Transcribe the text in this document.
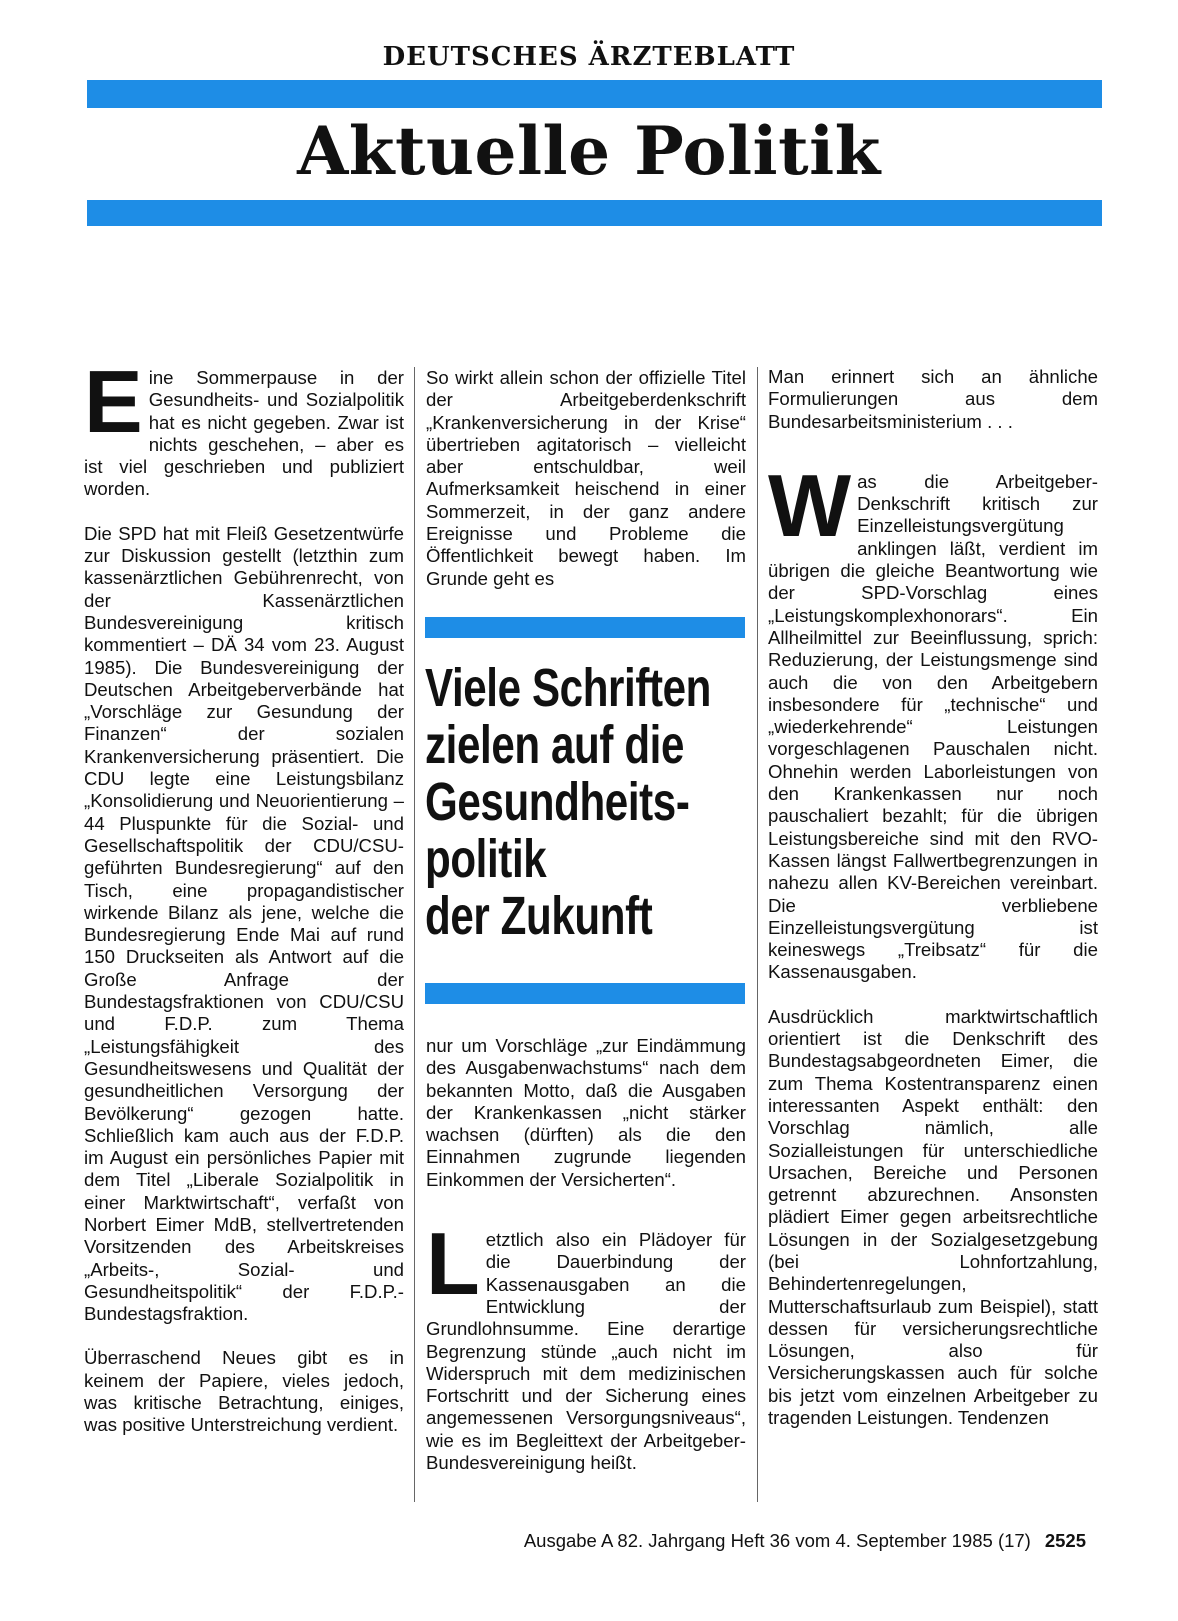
DEUTSCHES ÄRZTEBLATT
Aktuelle Politik

Eine Sommerpause in der Gesundheits- und Sozialpolitik hat es nicht gegeben. Zwar ist nichts geschehen, – aber es ist viel geschrieben und publiziert worden.

Die SPD hat mit Fleiß Gesetzentwürfe zur Diskussion gestellt (letzthin zum kassenärztlichen Gebührenrecht, von der Kassenärztlichen Bundesvereinigung kritisch kommentiert – DÄ 34 vom 23. August 1985). Die Bundesvereinigung der Deutschen Arbeitgeberverbände hat „Vorschläge zur Gesundung der Finanzen“ der sozialen Krankenversicherung präsentiert. Die CDU legte eine Leistungsbilanz „Konsolidierung und Neuorientierung – 44 Pluspunkte für die Sozial- und Gesellschaftspolitik der CDU/CSU-geführten Bundesregierung“ auf den Tisch, eine propagandistischer wirkende Bilanz als jene, welche die Bundesregierung Ende Mai auf rund 150 Druckseiten als Antwort auf die Große Anfrage der Bundestagsfraktionen von CDU/CSU und F.D.P. zum Thema „Leistungsfähigkeit des Gesundheitswesens und Qualität der gesundheitlichen Versorgung der Bevölkerung“ gezogen hatte. Schließlich kam auch aus der F.D.P. im August ein persönliches Papier mit dem Titel „Liberale Sozialpolitik in einer Marktwirtschaft“, verfaßt von Norbert Eimer MdB, stellvertretenden Vorsitzenden des Arbeitskreises „Arbeits-, Sozial- und Gesundheitspolitik“ der F.D.P.-Bundestagsfraktion.

Überraschend Neues gibt es in keinem der Papiere, vieles jedoch, was kritische Betrachtung, einiges, was positive Unterstreichung verdient.

So wirkt allein schon der offizielle Titel der Arbeitgeberdenkschrift „Krankenversicherung in der Krise“ übertrieben agitatorisch – vielleicht aber entschuldbar, weil Aufmerksamkeit heischend in einer Sommerzeit, in der ganz andere Ereignisse und Probleme die Öffentlichkeit bewegt haben. Im Grunde geht es

Viele Schriften
zielen auf die
Gesundheits-
politik
der Zukunft

nur um Vorschläge „zur Eindämmung des Ausgabenwachstums“ nach dem bekannten Motto, daß die Ausgaben der Krankenkassen „nicht stärker wachsen (dürften) als die den Einnahmen zugrunde liegenden Einkommen der Versicherten“.

Letztlich also ein Plädoyer für die Dauerbindung der Kassenausgaben an die Entwicklung der Grundlohnsumme. Eine derartige Begrenzung stünde „auch nicht im Widerspruch mit dem medizinischen Fortschritt und der Sicherung eines angemessenen Versorgungsniveaus“, wie es im Begleittext der Arbeitgeber-Bundesvereinigung heißt.

Man erinnert sich an ähnliche Formulierungen aus dem Bundesarbeitsministerium . . .

Was die Arbeitgeber-Denkschrift kritisch zur Einzelleistungsvergütung anklingen läßt, verdient im übrigen die gleiche Beantwortung wie der SPD-Vorschlag eines „Leistungskomplexhonorars“. Ein Allheilmittel zur Beeinflussung, sprich: Reduzierung, der Leistungsmenge sind auch die von den Arbeitgebern insbesondere für „technische“ und „wiederkehrende“ Leistungen vorgeschlagenen Pauschalen nicht. Ohnehin werden Laborleistungen von den Krankenkassen nur noch pauschaliert bezahlt; für die übrigen Leistungsbereiche sind mit den RVO-Kassen längst Fallwertbegrenzungen in nahezu allen KV-Bereichen vereinbart. Die verbliebene Einzelleistungsvergütung ist keineswegs „Treibsatz“ für die Kassenausgaben.

Ausdrücklich marktwirtschaftlich orientiert ist die Denkschrift des Bundestagsabgeordneten Eimer, die zum Thema Kostentransparenz einen interessanten Aspekt enthält: den Vorschlag nämlich, alle Sozialleistungen für unterschiedliche Ursachen, Bereiche und Personen getrennt abzurechnen. Ansonsten plädiert Eimer gegen arbeitsrechtliche Lösungen in der Sozialgesetzgebung (bei Lohnfortzahlung, Behindertenregelungen, Mutterschaftsurlaub zum Beispiel), statt dessen für versicherungsrechtliche Lösungen, also für Versicherungskassen auch für solche bis jetzt vom einzelnen Arbeitgeber zu tragenden Leistungen. Tendenzen

Ausgabe A 82. Jahrgang Heft 36 vom 4. September 1985 (17) 2525
